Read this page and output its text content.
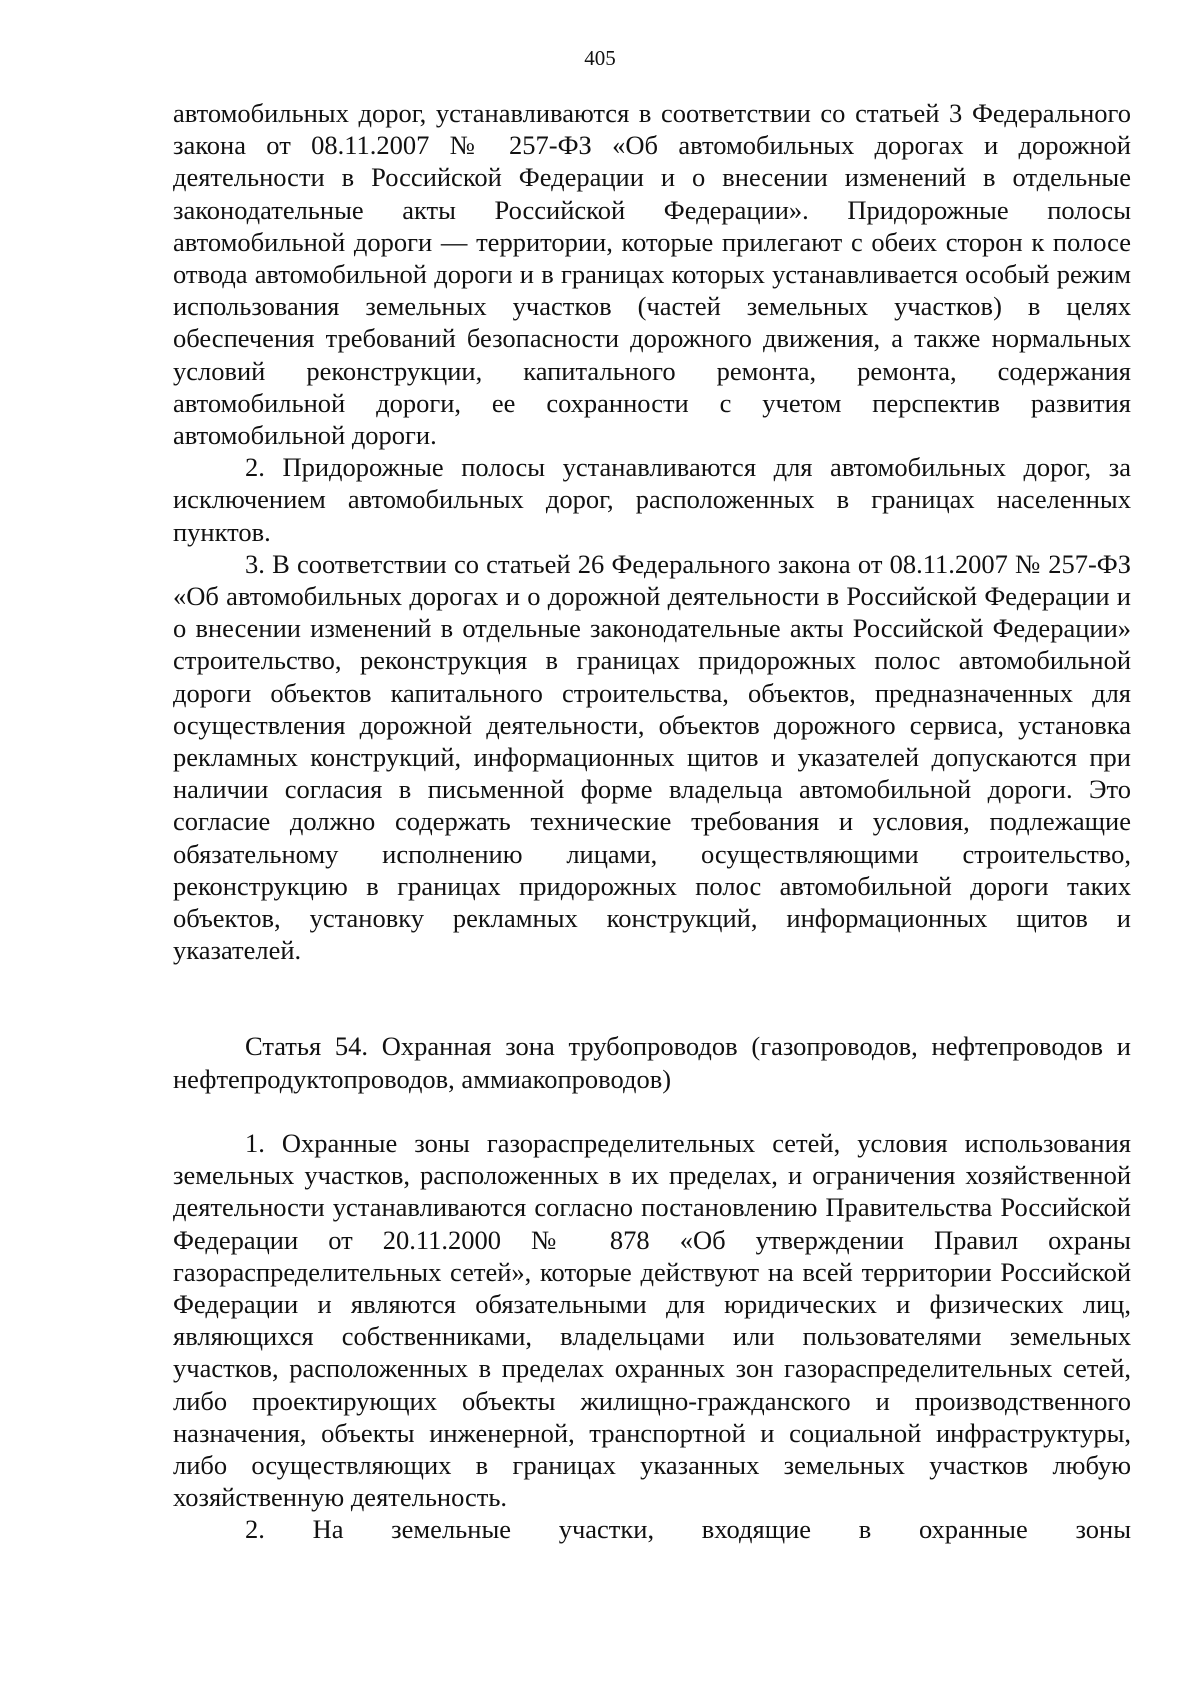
405

автомобильных дорог, устанавливаются в соответствии со статьей 3 Федерального закона от 08.11.2007 № 257-ФЗ «Об автомобильных дорогах и дорожной деятельности в Российской Федерации и о внесении изменений в отдельные законодательные акты Российской Федерации». Придорожные полосы автомобильной дороги — территории, которые прилегают с обеих сторон к полосе отвода автомобильной дороги и в границах которых устанавливается особый режим использования земельных участков (частей земельных участков) в целях обеспечения требований безопасности дорожного движения, а также нормальных условий реконструкции, капитального ремонта, ремонта, содержания автомобильной дороги, ее сохранности с учетом перспектив развития автомобильной дороги.

2. Придорожные полосы устанавливаются для автомобильных дорог, за исключением автомобильных дорог, расположенных в границах населенных пунктов.

3. В соответствии со статьей 26 Федерального закона от 08.11.2007 № 257-ФЗ «Об автомобильных дорогах и о дорожной деятельности в Российской Федерации и о внесении изменений в отдельные законодательные акты Российской Федерации» строительство, реконструкция в границах придорожных полос автомобильной дороги объектов капитального строительства, объектов, предназначенных для осуществления дорожной деятельности, объектов дорожного сервиса, установка рекламных конструкций, информационных щитов и указателей допускаются при наличии согласия в письменной форме владельца автомобильной дороги. Это согласие должно содержать технические требования и условия, подлежащие обязательному исполнению лицами, осуществляющими строительство, реконструкцию в границах придорожных полос автомобильной дороги таких объектов, установку рекламных конструкций, информационных щитов и указателей.

Статья 54. Охранная зона трубопроводов (газопроводов, нефтепроводов и нефтепродуктопроводов, аммиакопроводов)

1. Охранные зоны газораспределительных сетей, условия использования земельных участков, расположенных в их пределах, и ограничения хозяйственной деятельности устанавливаются согласно постановлению Правительства Российской Федерации от 20.11.2000 № 878 «Об утверждении Правил охраны газораспределительных сетей», которые действуют на всей территории Российской Федерации и являются обязательными для юридических и физических лиц, являющихся собственниками, владельцами или пользователями земельных участков, расположенных в пределах охранных зон газораспределительных сетей, либо проектирующих объекты жилищно-гражданского и производственного назначения, объекты инженерной, транспортной и социальной инфраструктуры, либо осуществляющих в границах указанных земельных участков любую хозяйственную деятельность.

2. На земельные участки, входящие в охранные зоны
